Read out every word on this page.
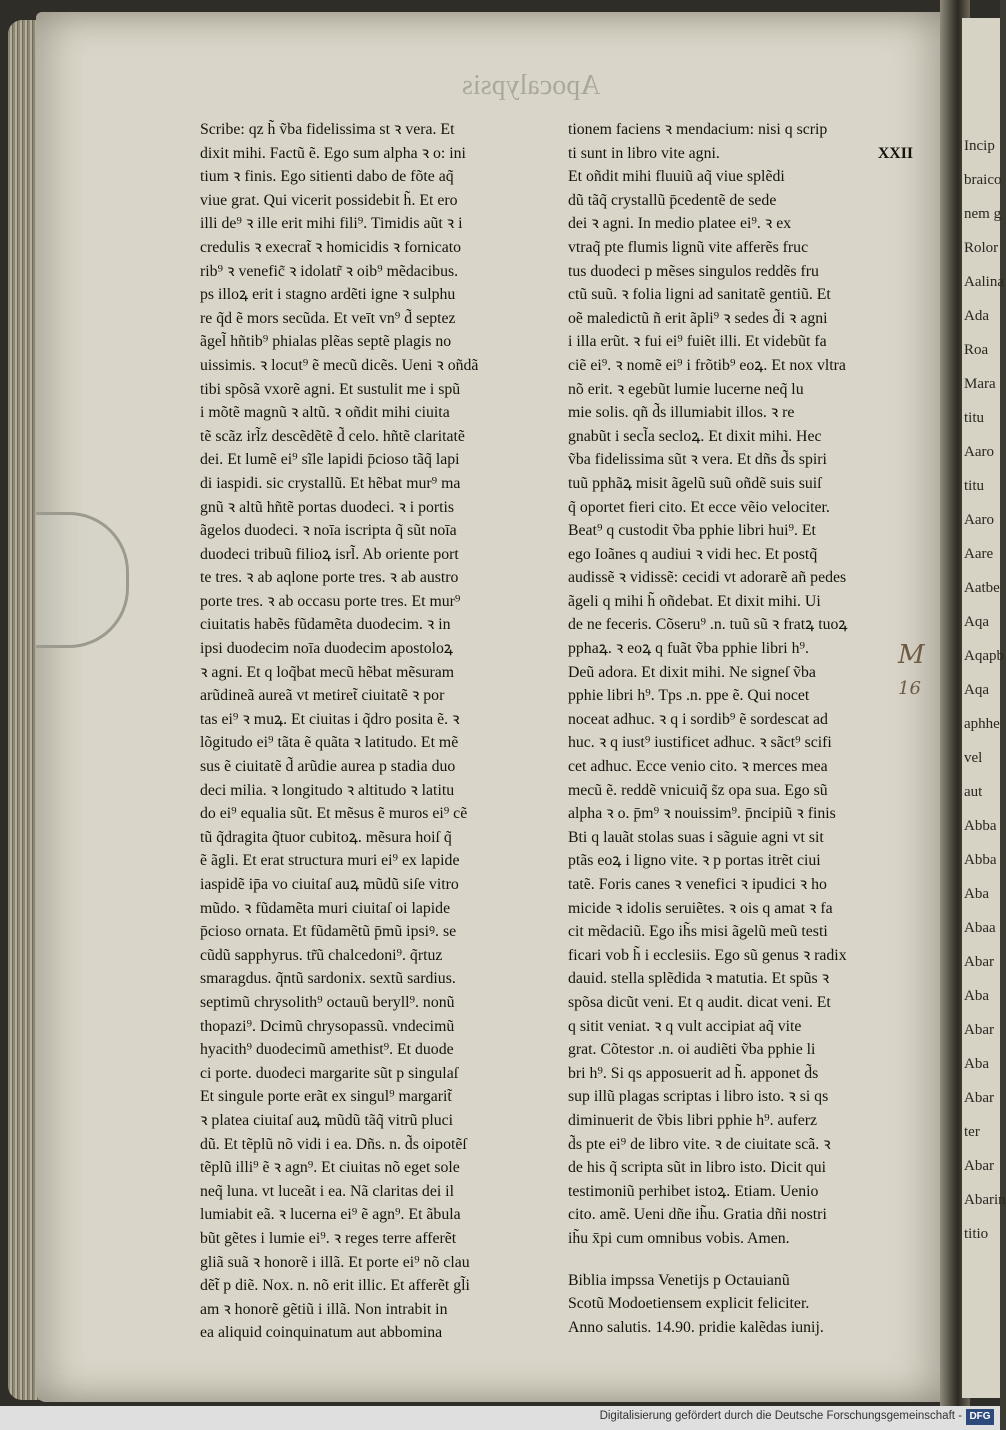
Apocalypsis

Scribe: qz h̃ ṽba fidelissima st ꝛ vera. Et

dixit mihi. Factũ ẽ. Ego sum alpha ꝛ o: ini

tium ꝛ finis. Ego sitienti dabo de fõte aq̃

viue grat. Qui vicerit possidebit h̃. Et ero

illi de⁹ ꝛ ille erit mihi fili⁹. Timidis aũt ꝛ i

credulis ꝛ execrat̃ ꝛ homicidis ꝛ fornicato

rib⁹ ꝛ venefic̃ ꝛ idolatr̃ ꝛ oib⁹ mẽdacibus.

ps illoꝝ erit i stagno ardẽti igne ꝛ sulphu

re q̃d ẽ mors secũda. Et veīt vn⁹ d̃ septez

ãgel̃ hñtib⁹ phialas plẽas septẽ plagis no

uissimis. ꝛ locut⁹ ẽ mecũ dicẽs. Ueni ꝛ oñdã

tibi spõsã vxorẽ agni. Et sustulit me i spũ

i mõtẽ magnũ ꝛ altũ. ꝛ oñdit mihi ciuita

tẽ scãz irl̃z descẽdẽtẽ d̃ celo. hñtẽ claritatẽ

dei. Et lumẽ ei⁹ sĩle lapidi p̄cioso tãq̃ lapi

di iaspidi. sic crystallũ. Et hẽbat mur⁹ ma

gnũ ꝛ altũ hñtẽ portas duodeci. ꝛ i portis

ãgelos duodeci. ꝛ noīa iscripta q̃ sũt noīa

duodeci tribuũ filioꝝ isrl̃. Ab oriente port

te tres. ꝛ ab aqlone porte tres. ꝛ ab austro

porte tres. ꝛ ab occasu porte tres. Et mur⁹

ciuitatis habẽs fũdamẽta duodecim. ꝛ in

ipsi duodecim noīa duodecim apostoloꝝ

ꝛ agni. Et q loq̃bat mecũ hẽbat mẽsuram

arũdineã aureã vt metiret̃ ciuitatẽ ꝛ por

tas ei⁹ ꝛ muꝝ. Et ciuitas i q̃dro posita ẽ. ꝛ

lõgitudo ei⁹ tãta ẽ quãta ꝛ latitudo. Et mẽ

sus ẽ ciuitatẽ d̃ arũdie aurea p stadia duo

deci milia. ꝛ longitudo ꝛ altitudo ꝛ latitu

do ei⁹ equalia sũt. Et mẽsus ẽ muros ei⁹ cẽ

tũ q̃dragita q̃tuor cubitoꝝ. mẽsura hoiſ q̃

ẽ ãgli. Et erat structura muri ei⁹ ex lapide

iaspidẽ ip̄a vo ciuitaſ auꝝ mũdũ siſe vitro

mũdo. ꝛ fũdamẽta muri ciuitaſ oi lapide

p̄cioso ornata. Et fũdamẽtũ p̄mũ ipsiꝰ. se

cũdũ sapphyrus. tr̃ũ chalcedoni⁹. q̃rtuz

smaragdus. q̃ntũ sardonix. sextũ sardius.

septimũ chrysolith⁹ octauũ beryll⁹. nonũ

thopazi⁹. Dcimũ chrysopassũ. vndecimũ

hyacith⁹ duodecimũ amethist⁹. Et duode

ci porte. duodeci margarite sũt p singulaſ

Et singule porte erãt ex singul⁹ margarit̃

ꝛ platea ciuitaſ auꝝ mũdũ tãq̃ vitrũ pluci

dũ. Et tẽplũ nõ vidi i ea. Dñs. n. d̃s oipotẽſ

tẽplũ illi⁹ ẽ ꝛ agn⁹. Et ciuitas nõ eget sole

neq̃ luna. vt luceãt i ea. Nã claritas dei il

lumiabit eã. ꝛ lucerna ei⁹ ẽ agn⁹. Et ãbula

bũt gẽtes i lumie ei⁹. ꝛ reges terre afferẽt

gliã suã ꝛ honorẽ i illã. Et porte ei⁹ nõ clau

dẽt̃ p diẽ. Nox. n. nõ erit illic. Et afferẽt gl̃i

am ꝛ honorẽ gẽtiũ i illã. Non intrabit in

ea aliquid coinquinatum aut abbomina

tionem faciens ꝛ mendacium: nisi q scrip

ti sunt in libro vite agni.	XXII

Et oñdit mihi fluuiũ aq̃ viue splẽdi

dũ tãq̃ crystallũ p̄cedentẽ de sede

dei ꝛ agni. In medio platee ei⁹. ꝛ ex

vtraq̃ pte flumis lignũ vite afferẽs fruc

tus duodeci p mẽses singulos reddẽs fru

ctũ suũ. ꝛ folia ligni ad sanitatẽ gentiũ. Et

oẽ maledictũ ñ erit ãpli⁹ ꝛ sedes d̃i ꝛ agni

i illa erũt. ꝛ fui ei⁹ fuiẽt illi. Et videbũt fa

ciẽ ei⁹. ꝛ nomẽ ei⁹ i frõtib⁹ eoꝝ. Et nox vltra

nõ erit. ꝛ egebũt lumie lucerne neq̃ lu

mie solis. qñ d̃s illumiabit illos. ꝛ re

gnabũt i secl̃a secloꝝ. Et dixit mihi. Hec

ṽba fidelissima sũt ꝛ vera. Et dñs d̃s spiri

tuũ pphãꝝ misit ãgelũ suũ oñdẽ suis suiſ

q̃ oportet fieri cito. Et ecce vẽio velociter.

Beat⁹ q custodit ṽba pphie libri hui⁹. Et

ego Ioãnes q audiui ꝛ vidi hec. Et postq̃

audissẽ ꝛ vidissẽ: cecidi vt adorarẽ añ pedes

ãgeli q mihi h̃ oñdebat. Et dixit mihi. Ui

de ne feceris. Cõseru⁹ .n. tuũ sũ ꝛ fratꝝ tuoꝝ

pphaꝝ. ꝛ eoꝝ q fuãt ṽba pphie libri h⁹.

Deũ adora. Et dixit mihi. Ne signeſ ṽba

pphie libri h⁹. Tps .n. ppe ẽ. Qui nocet

noceat adhuc. ꝛ q i sordib⁹ ẽ sordescat ad

huc. ꝛ q iust⁹ iustificet adhuc. ꝛ sãct⁹ scifi

cet adhuc. Ecce venio cito. ꝛ merces mea

mecũ ẽ. reddẽ vnicuiq̃ s̃z opa sua. Ego sũ

alpha ꝛ o. p̄m⁹ ꝛ nouissim⁹. p̄ncipiũ ꝛ finis

Bti q lauãt stolas suas i sãguie agni vt sit

ptãs eoꝝ i ligno vite. ꝛ p portas itrẽt ciui

tatẽ. Foris canes ꝛ venefici ꝛ ipudici ꝛ ho

micide ꝛ idolis seruiẽtes. ꝛ ois q amat ꝛ fa

cit mẽdaciũ. Ego ih̃s misi ãgelũ meũ testi

ficari vob h̃ i ecclesiis. Ego sũ genus ꝛ radix

dauid. stella splẽdida ꝛ matutia. Et spũs ꝛ

spõsa dicũt veni. Et q audit. dicat veni. Et

q sitit veniat. ꝛ q vult accipiat aq̃ vite

grat. Cõtestor .n. oi audiẽti ṽba pphie li

bri h⁹. Si qs apposuerit ad h̃. apponet d̃s

sup illũ plagas scriptas i libro isto. ꝛ si qs

diminuerit de ṽbis libri pphie h⁹. auferz

d̃s pte ei⁹ de libro vite. ꝛ de ciuitate scã. ꝛ

de his q̃ scripta sũt in libro isto. Dicit qui

testimoniũ perhibet istoꝝ. Etiam. Uenio

cito. amẽ. Ueni dñe ih̃u. Gratia dñi nostri

ih̃u x̄pi cum omnibus vobis. Amen.

Biblia impssa Venetijs p Octauianũ

Scotũ Modoetiensem explicit feliciter.

Anno salutis. 14.90. pridie kalẽdas iunij.

M
16
Incip
braico
nem g
Rolor
Aalina
Ada
Roa
Mara
titu
Aaro
titu
Aaro
Aare
Aatbe
Aqa
Aqapb
Aqa
aphhe
vel
aut
Abba
Abba
Aba
Abaa
Abar
Aba
Abar
Aba
Abar
ter
Abar
Abarin
titio
Digitalisierung gefördert durch die Deutsche Forschungsgemeinschaft - DFG
